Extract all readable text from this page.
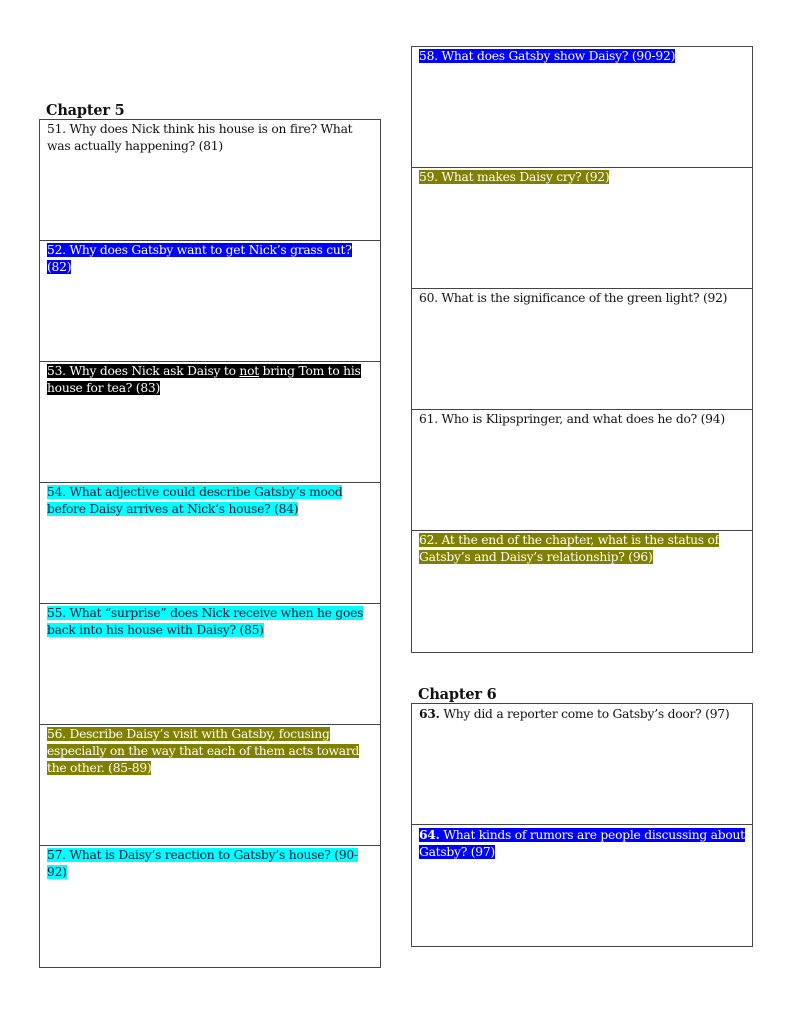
Chapter 5
51. Why does Nick think his house is on fire? What was actually happening? (81)
52. Why does Gatsby want to get Nick’s grass cut? (82)
53. Why does Nick ask Daisy to not bring Tom to his house for tea? (83)
54. What adjective could describe Gatsby’s mood before Daisy arrives at Nick’s house? (84)
55. What “surprise” does Nick receive when he goes back into his house with Daisy? (85)
56. Describe Daisy’s visit with Gatsby, focusing especially on the way that each of them acts toward the other. (85-89)
57. What is Daisy’s reaction to Gatsby’s house? (90-92)
58. What does Gatsby show Daisy? (90-92)
59. What makes Daisy cry? (92)
60. What is the significance of the green light? (92)
61. Who is Klipspringer, and what does he do? (94)
62. At the end of the chapter, what is the status of Gatsby’s and Daisy’s relationship? (96)
Chapter 6
63. Why did a reporter come to Gatsby’s door? (97)
64. What kinds of rumors are people discussing about Gatsby? (97)
